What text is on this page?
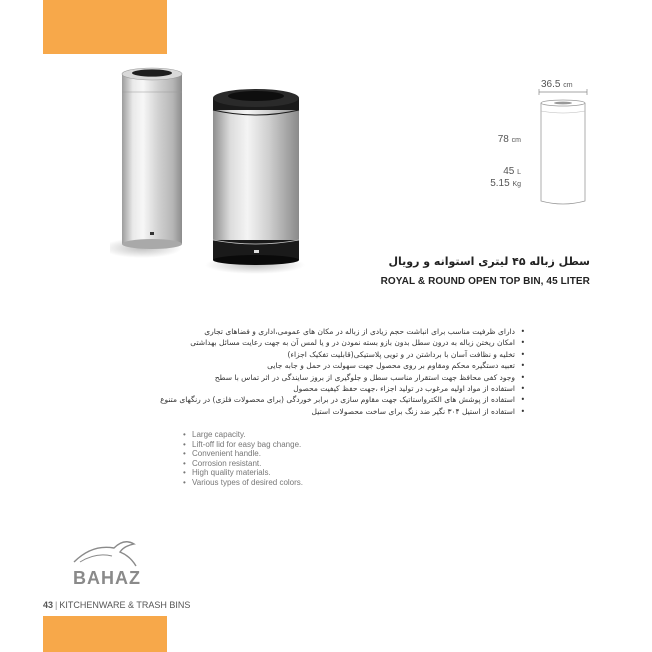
36.5 cm
78 cm
45 L
5.15 Kg
سطل زباله ۴۵ لیتری استوانه و رویال
ROYAL & ROUND OPEN TOP BIN, 45 LITER
• دارای ظرفیت مناسب برای انباشت حجم زیادی از زباله در مکان های عمومی،اداری و فضاهای تجاری
• امکان ریختن زباله به درون سطل بدون بازو بسته نمودن در و یا لمس آن به جهت رعایت مسائل بهداشتی
• تخلیه و نظافت آسان با برداشتن در و تویی پلاستیکی(قابلیت تفکیک اجزاء)
• تعبیه دستگیره محکم ومقاوم بر روی محصول جهت سهولت در حمل و جابه جایی
• وجود کفی محافظ جهت استقرار مناسب سطل و جلوگیری از بروز سایندگی در اثر تماس با سطح
• استفاده از مواد اولیه مرغوب در تولید اجزاء ،جهت حفظ کیفیت محصول
• استفاده از پوشش های الکترواستاتیک جهت مقاوم سازی در برابر خوردگی (برای محصولات فلزی) در رنگهای متنوع
• استفاده از استیل ۳۰۴ نگیر ضد زنگ برای ساخت محصولات استیل
• Large capacity.
• Lift-off lid for easy bag change.
• Convenient handle.
• Corrosion resistant.
• High quality materials.
• Various types of desired colors.
BAHAZ
43 | KITCHENWARE & TRASH BINS
